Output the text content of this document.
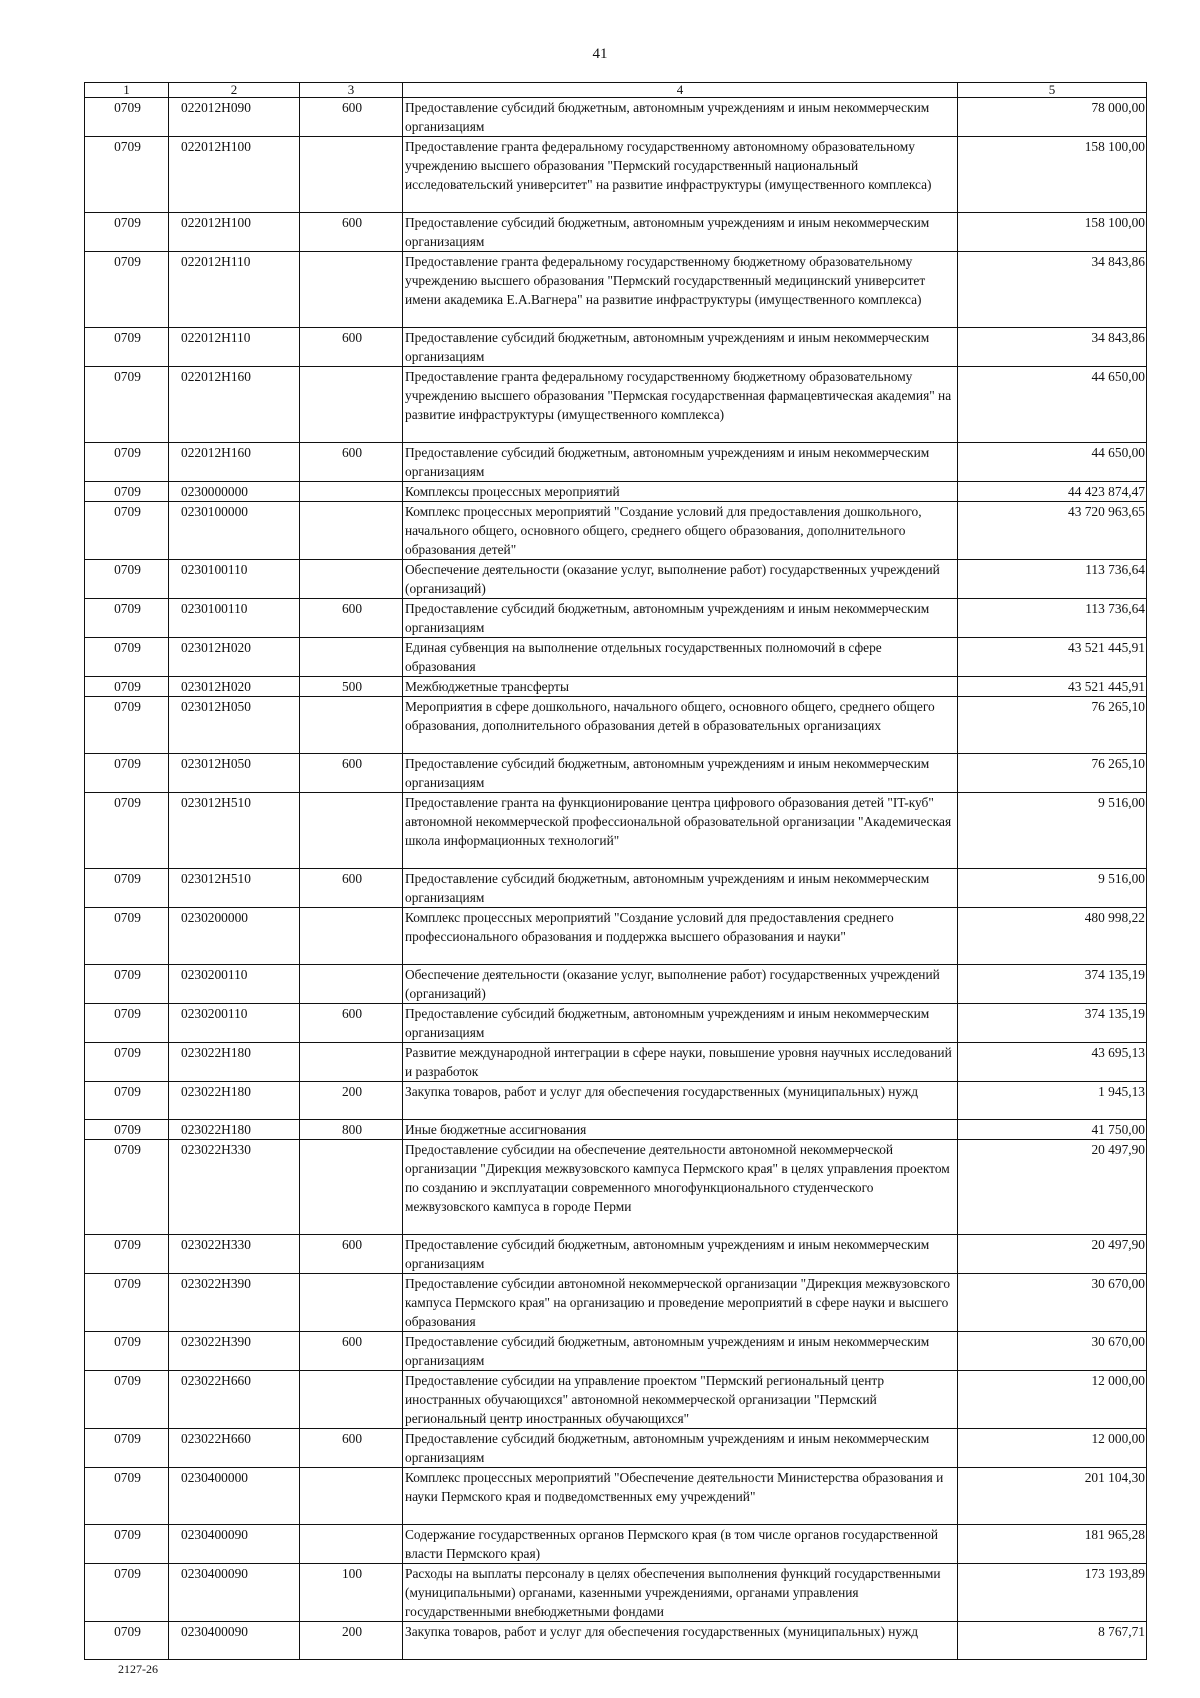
41
1	2	3	4	5
0709	022012Н090	600	Предоставление субсидий бюджетным, автономным учреждениям и иным некоммерческим организациям	78 000,00
0709	022012Н100		Предоставление гранта федеральному государственному автономному образовательному учреждению высшего образования "Пермский государственный национальный исследовательский университет" на развитие инфраструктуры (имущественного комплекса)	158 100,00
0709	022012Н100	600	Предоставление субсидий бюджетным, автономным учреждениям и иным некоммерческим организациям	158 100,00
0709	022012Н110		Предоставление гранта федеральному государственному бюджетному образовательному учреждению высшего образования "Пермский государственный медицинский университет имени академика Е.А.Вагнера" на развитие инфраструктуры (имущественного комплекса)	34 843,86
0709	022012Н110	600	Предоставление субсидий бюджетным, автономным учреждениям и иным некоммерческим организациям	34 843,86
0709	022012Н160		Предоставление гранта федеральному государственному бюджетному образовательному учреждению высшего образования "Пермская государственная фармацевтическая академия" на развитие инфраструктуры (имущественного комплекса)	44 650,00
0709	022012Н160	600	Предоставление субсидий бюджетным, автономным учреждениям и иным некоммерческим организациям	44 650,00
0709	0230000000		Комплексы процессных мероприятий	44 423 874,47
0709	0230100000		Комплекс процессных мероприятий "Создание условий для предоставления дошкольного, начального общего, основного общего, среднего общего образования, дополнительного образования детей"	43 720 963,65
0709	0230100110		Обеспечение деятельности (оказание услуг, выполнение работ) государственных учреждений (организаций)	113 736,64
0709	0230100110	600	Предоставление субсидий бюджетным, автономным учреждениям и иным некоммерческим организациям	113 736,64
0709	023012Н020		Единая субвенция на выполнение отдельных государственных полномочий в сфере образования	43 521 445,91
0709	023012Н020	500	Межбюджетные трансферты	43 521 445,91
0709	023012Н050		Мероприятия в сфере дошкольного, начального общего, основного общего, среднего общего образования, дополнительного образования детей в образовательных организациях	76 265,10
0709	023012Н050	600	Предоставление субсидий бюджетным, автономным учреждениям и иным некоммерческим организациям	76 265,10
0709	023012Н510		Предоставление гранта на функционирование центра цифрового образования детей "IT-куб" автономной некоммерческой профессиональной образовательной организации "Академическая школа информационных технологий"	9 516,00
0709	023012Н510	600	Предоставление субсидий бюджетным, автономным учреждениям и иным некоммерческим организациям	9 516,00
0709	0230200000		Комплекс процессных мероприятий "Создание условий для предоставления среднего профессионального образования и поддержка высшего образования и науки"	480 998,22
0709	0230200110		Обеспечение деятельности (оказание услуг, выполнение работ) государственных учреждений (организаций)	374 135,19
0709	0230200110	600	Предоставление субсидий бюджетным, автономным учреждениям и иным некоммерческим организациям	374 135,19
0709	023022Н180		Развитие международной интеграции в сфере науки, повышение уровня научных исследований и разработок	43 695,13
0709	023022Н180	200	Закупка товаров, работ и услуг для обеспечения государственных (муниципальных) нужд	1 945,13
0709	023022Н180	800	Иные бюджетные ассигнования	41 750,00
0709	023022Н330		Предоставление субсидии на обеспечение деятельности автономной некоммерческой организации "Дирекция межвузовского кампуса Пермского края" в целях управления проектом по созданию и эксплуатации современного многофункционального студенческого межвузовского кампуса в городе Перми	20 497,90
0709	023022Н330	600	Предоставление субсидий бюджетным, автономным учреждениям и иным некоммерческим организациям	20 497,90
0709	023022Н390		Предоставление субсидии автономной некоммерческой организации "Дирекция межвузовского кампуса Пермского края" на организацию и проведение мероприятий в сфере науки и высшего образования	30 670,00
0709	023022Н390	600	Предоставление субсидий бюджетным, автономным учреждениям и иным некоммерческим организациям	30 670,00
0709	023022Н660		Предоставление субсидии на управление проектом "Пермский региональный центр иностранных обучающихся" автономной некоммерческой организации "Пермский региональный центр иностранных обучающихся"	12 000,00
0709	023022Н660	600	Предоставление субсидий бюджетным, автономным учреждениям и иным некоммерческим организациям	12 000,00
0709	0230400000		Комплекс процессных мероприятий "Обеспечение деятельности Министерства образования и науки Пермского края и подведомственных ему учреждений"	201 104,30
0709	0230400090		Содержание государственных органов Пермского края (в том числе органов государственной власти Пермского края)	181 965,28
0709	0230400090	100	Расходы на выплаты персоналу в целях обеспечения выполнения функций государственными (муниципальными) органами, казенными учреждениями, органами управления государственными внебюджетными фондами	173 193,89
0709	0230400090	200	Закупка товаров, работ и услуг для обеспечения государственных (муниципальных) нужд	8 767,71
2127-26
